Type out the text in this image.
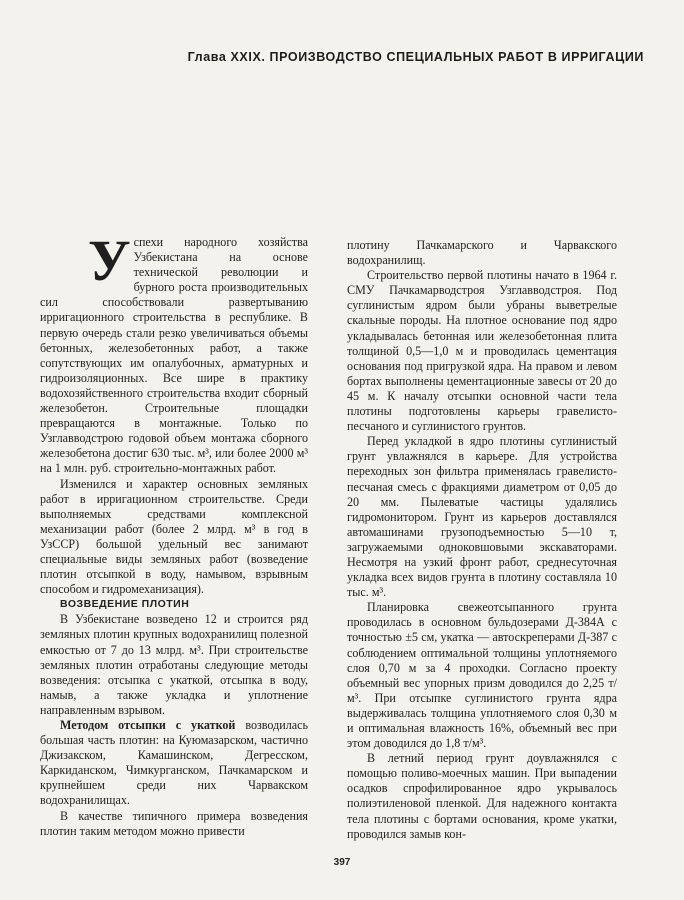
Глава XXIX. ПРОИЗВОДСТВО СПЕЦИАЛЬНЫХ РАБОТ В ИРРИГАЦИИ

Успехи народного хозяйства Узбекистана на основе технической революции и бурного роста производительных сил способствовали развертыванию ирригационного строительства в республике. В первую очередь стали резко увеличиваться объемы бетонных, железобетонных работ, а также сопутствующих им опалубочных, арматурных и гидроизоляционных. Все шире в практику водохозяйственного строительства входит сборный железобетон. Строительные площадки превращаются в монтажные. Только по Узглавводстрою годовой объем монтажа сборного железобетона достиг 630 тыс. м³, или более 2000 м³ на 1 млн. руб. строительно-монтажных работ.

Изменился и характер основных земляных работ в ирригационном строительстве. Среди выполняемых средствами комплексной механизации работ (более 2 млрд. м³ в год в УзССР) большой удельный вес занимают специальные виды земляных работ (возведение плотин отсыпкой в воду, намывом, взрывным способом и гидромеханизация).

ВОЗВЕДЕНИЕ ПЛОТИН

В Узбекистане возведено 12 и строится ряд земляных плотин крупных водохранилищ полезной емкостью от 7 до 13 млрд. м³. При строительстве земляных плотин отработаны следующие методы возведения: отсыпка с укаткой, отсыпка в воду, намыв, а также укладка и уплотнение направленным взрывом.

Методом отсыпки с укаткой возводилась большая часть плотин: на Куюмазарском, частично Джизакском, Камашинском, Дегресском, Каркиданском, Чимкурганском, Пачкамарском и крупнейшем среди них Чарвакском водохранилищах.

В качестве типичного примера возведения плотин таким методом можно привести

плотину Пачкамарского и Чарвакского водохранилищ.

Строительство первой плотины начато в 1964 г. СМУ Пачкамарводстроя Узглавводстроя. Под суглинистым ядром были убраны выветрелые скальные породы. На плотное основание под ядро укладывалась бетонная или железобетонная плита толщиной 0,5—1,0 м и проводилась цементация основания под пригрузкой ядра. На правом и левом бортах выполнены цементационные завесы от 20 до 45 м. К началу отсыпки основной части тела плотины подготовлены карьеры гравелисто-песчаного и суглинистого грунтов.

Перед укладкой в ядро плотины суглинистый грунт увлажнялся в карьере. Для устройства переходных зон фильтра применялась гравелисто-песчаная смесь с фракциями диаметром от 0,05 до 20 мм. Пылеватые частицы удалялись гидромонитором. Грунт из карьеров доставлялся автомашинами грузоподъемностью 5—10 т, загружаемыми одноковшовыми экскаваторами. Несмотря на узкий фронт работ, среднесуточная укладка всех видов грунта в плотину составляла 10 тыс. м³.

Планировка свежеотсыпанного грунта проводилась в основном бульдозерами Д-384А с точностью ±5 см, укатка — автоскреперами Д-387 с соблюдением оптимальной толщины уплотняемого слоя 0,70 м за 4 проходки. Согласно проекту объемный вес упорных призм доводился до 2,25 т/м³. При отсыпке суглинистого грунта ядра выдерживалась толщина уплотняемого слоя 0,30 м и оптимальная влажность 16%, объемный вес при этом доводился до 1,8 т/м³.

В летний период грунт доувлажнялся с помощью поливо-моечных машин. При выпадении осадков спрофилированное ядро укрывалось полиэтиленовой пленкой. Для надежного контакта тела плотины с бортами основания, кроме укатки, проводился замыв кон-

397
